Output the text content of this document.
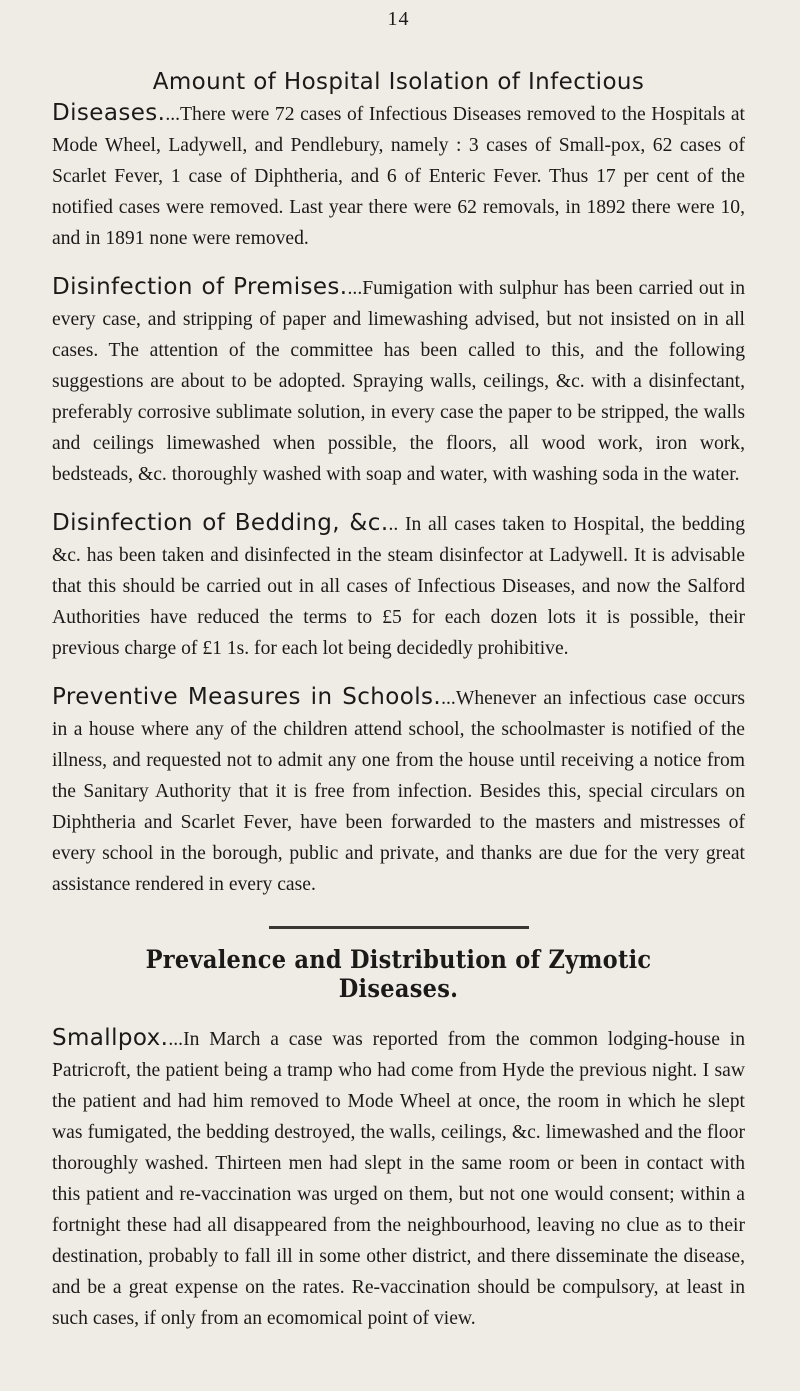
14

Amount of Hospital Isolation of Infectious

Diseases....There were 72 cases of Infectious Diseases removed to the Hospitals at Mode Wheel, Ladywell, and Pendlebury, namely : 3 cases of Small-pox, 62 cases of Scarlet Fever, 1 case of Diphtheria, and 6 of Enteric Fever. Thus 17 per cent of the notified cases were removed. Last year there were 62 removals, in 1892 there were 10, and in 1891 none were removed.

Disinfection of Premises....Fumigation with sulphur has been carried out in every case, and stripping of paper and limewashing advised, but not insisted on in all cases. The attention of the committee has been called to this, and the following suggestions are about to be adopted. Spraying walls, ceilings, &c. with a disinfectant, preferably corrosive sublimate solution, in every case the paper to be stripped, the walls and ceilings limewashed when possible, the floors, all wood work, iron work, bedsteads, &c. thoroughly washed with soap and water, with washing soda in the water.

Disinfection of Bedding, &c... In all cases taken to Hospital, the bedding &c. has been taken and disinfected in the steam disinfector at Ladywell. It is advisable that this should be carried out in all cases of Infectious Diseases, and now the Salford Authorities have reduced the terms to £5 for each dozen lots it is possible, their previous charge of £1 1s. for each lot being decidedly prohibitive.

Preventive Measures in Schools....Whenever an infectious case occurs in a house where any of the children attend school, the schoolmaster is notified of the illness, and requested not to admit any one from the house until receiving a notice from the Sanitary Authority that it is free from infection. Besides this, special circulars on Diphtheria and Scarlet Fever, have been forwarded to the masters and mistresses of every school in the borough, public and private, and thanks are due for the very great assistance rendered in every case.

Prevalence and Distribution of Zymotic Diseases.

Smallpox....In March a case was reported from the common lodging-house in Patricroft, the patient being a tramp who had come from Hyde the previous night. I saw the patient and had him removed to Mode Wheel at once, the room in which he slept was fumigated, the bedding destroyed, the walls, ceilings, &c. limewashed and the floor thoroughly washed. Thirteen men had slept in the same room or been in contact with this patient and re-vaccination was urged on them, but not one would consent; within a fortnight these had all disappeared from the neighbourhood, leaving no clue as to their destination, probably to fall ill in some other district, and there disseminate the disease, and be a great expense on the rates. Re-vaccination should be compulsory, at least in such cases, if only from an ecomomical point of view.
